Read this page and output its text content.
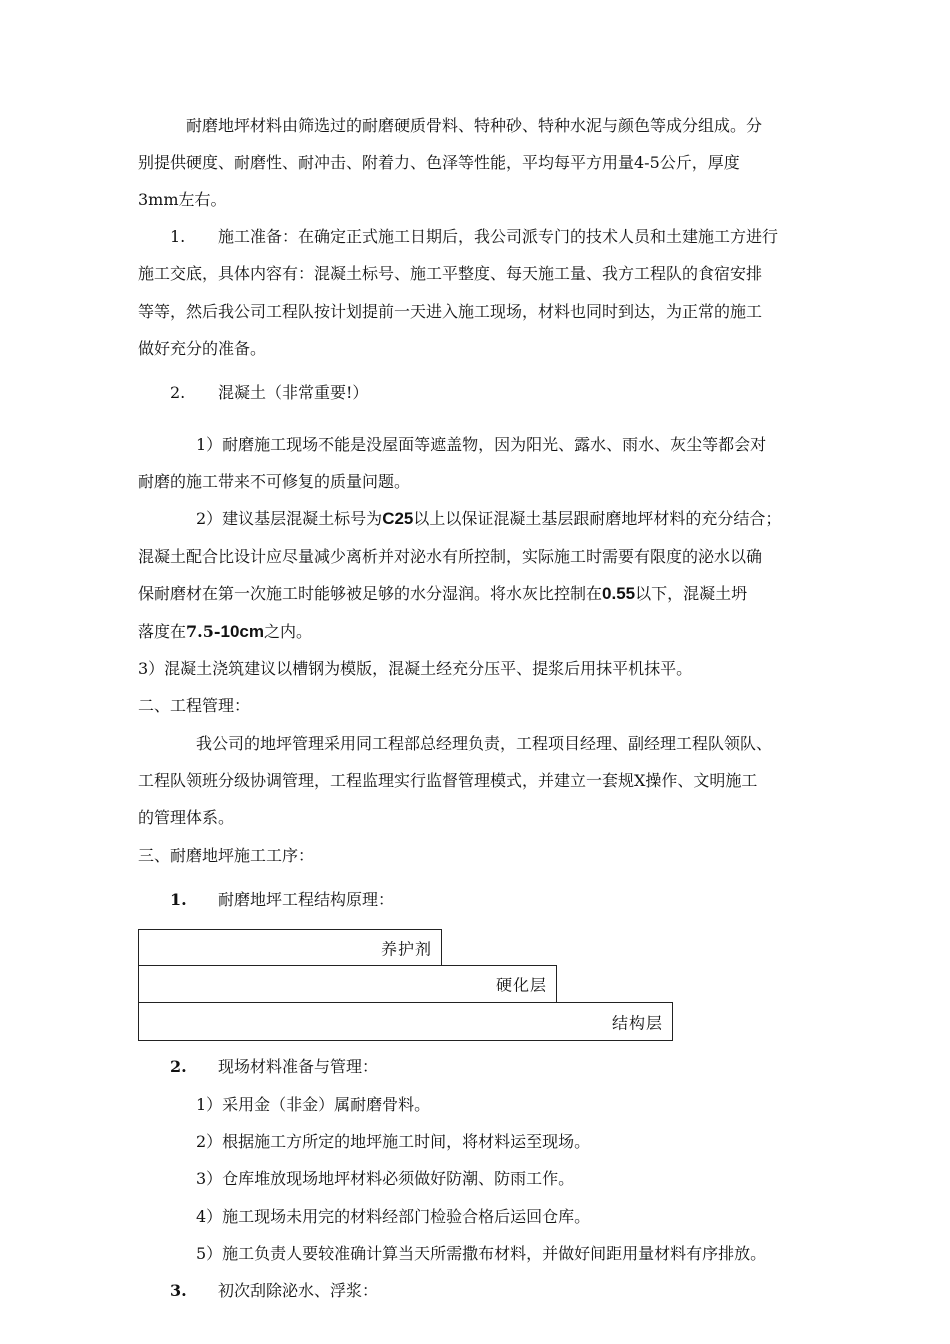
耐磨地坪材料由筛选过的耐磨硬质骨料、特种砂、特种水泥与颜色等成分组成。分
别提供硬度、耐磨性、耐冲击、附着力、色泽等性能，平均每平方用量4-5公斤，厚度
3mm左右。
1. 施工准备：在确定正式施工日期后，我公司派专门的技术人员和土建施工方进行
施工交底，具体内容有：混凝土标号、施工平整度、每天施工量、我方工程队的食宿安排
等等，然后我公司工程队按计划提前一天进入施工现场，材料也同时到达，为正常的施工
做好充分的准备。
2. 混凝土（非常重要!）
1）耐磨施工现场不能是没屋面等遮盖物，因为阳光、露水、雨水、灰尘等都会对
耐磨的施工带来不可修复的质量问题。
2）建议基层混凝土标号为C25以上以保证混凝土基层跟耐磨地坪材料的充分结合；
混凝土配合比设计应尽量减少离析并对泌水有所控制，实际施工时需要有限度的泌水以确
保耐磨材在第一次施工时能够被足够的水分湿润。将水灰比控制在0.55以下，混凝土坍
落度在7.5-10cm之内。
3）混凝土浇筑建议以槽钢为模版，混凝土经充分压平、提浆后用抹平机抹平。
二、工程管理：
我公司的地坪管理采用同工程部总经理负责，工程项目经理、副经理工程队领队、
工程队领班分级协调管理，工程监理实行监督管理模式，并建立一套规X操作、文明施工
的管理体系。
三、耐磨地坪施工工序：
1. 耐磨地坪工程结构原理：
养护剂
硬化层
结构层
2. 现场材料准备与管理：
1）采用金（非金）属耐磨骨料。
2）根据施工方所定的地坪施工时间，将材料运至现场。
3）仓库堆放现场地坪材料必须做好防潮、防雨工作。
4）施工现场未用完的材料经部门检验合格后运回仓库。
5）施工负责人要较准确计算当天所需撒布材料，并做好间距用量材料有序排放。
3. 初次刮除泌水、浮浆：
